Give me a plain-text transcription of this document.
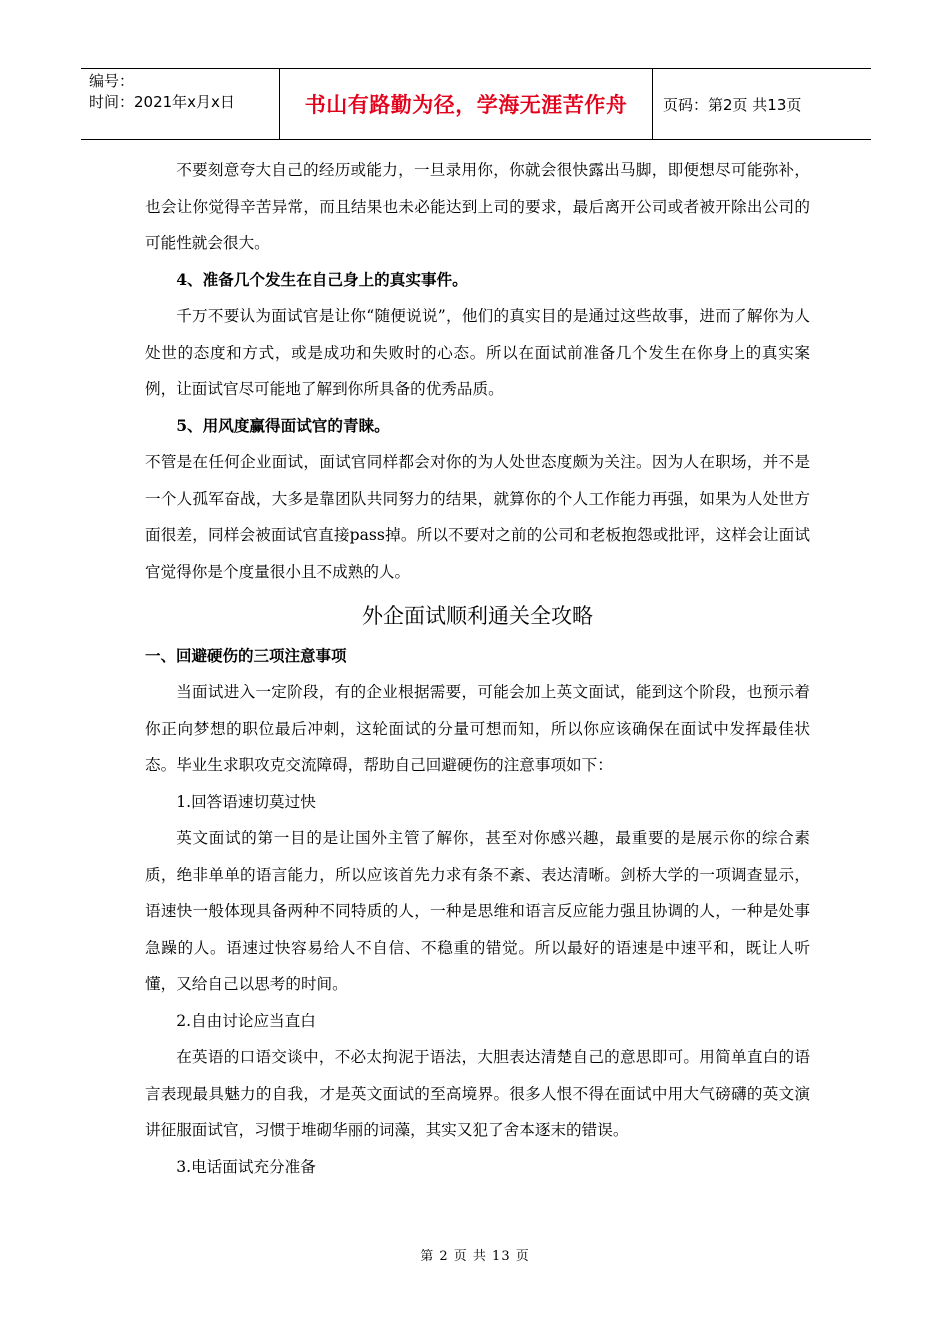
编号：
时间：2021年x月x日	书山有路勤为径，学海无涯苦作舟	页码：第2页 共13页

不要刻意夸大自己的经历或能力，一旦录用你，你就会很快露出马脚，即便想尽可能弥补，也会让你觉得辛苦异常，而且结果也未必能达到上司的要求，最后离开公司或者被开除出公司的可能性就会很大。

4、准备几个发生在自己身上的真实事件。

千万不要认为面试官是让你“随便说说”，他们的真实目的是通过这些故事，进而了解你为人处世的态度和方式，或是成功和失败时的心态。所以在面试前准备几个发生在你身上的真实案例，让面试官尽可能地了解到你所具备的优秀品质。

5、用风度赢得面试官的青睐。

不管是在任何企业面试，面试官同样都会对你的为人处世态度颇为关注。因为人在职场，并不是一个人孤军奋战，大多是靠团队共同努力的结果，就算你的个人工作能力再强，如果为人处世方面很差，同样会被面试官直接pass掉。所以不要对之前的公司和老板抱怨或批评，这样会让面试官觉得你是个度量很小且不成熟的人。

外企面试顺利通关全攻略

一、回避硬伤的三项注意事项

当面试进入一定阶段，有的企业根据需要，可能会加上英文面试，能到这个阶段，也预示着你正向梦想的职位最后冲刺，这轮面试的分量可想而知，所以你应该确保在面试中发挥最佳状态。毕业生求职攻克交流障碍，帮助自己回避硬伤的注意事项如下：

1.回答语速切莫过快

英文面试的第一目的是让国外主管了解你，甚至对你感兴趣，最重要的是展示你的综合素质，绝非单单的语言能力，所以应该首先力求有条不紊、表达清晰。剑桥大学的一项调查显示，语速快一般体现具备两种不同特质的人，一种是思维和语言反应能力强且协调的人，一种是处事急躁的人。语速过快容易给人不自信、不稳重的错觉。所以最好的语速是中速平和，既让人听懂，又给自己以思考的时间。

2.自由讨论应当直白

在英语的口语交谈中，不必太拘泥于语法，大胆表达清楚自己的意思即可。用简单直白的语言表现最具魅力的自我，才是英文面试的至高境界。很多人恨不得在面试中用大气磅礴的英文演讲征服面试官，习惯于堆砌华丽的词藻，其实又犯了舍本逐末的错误。

3.电话面试充分准备

第 2 页 共 13 页
